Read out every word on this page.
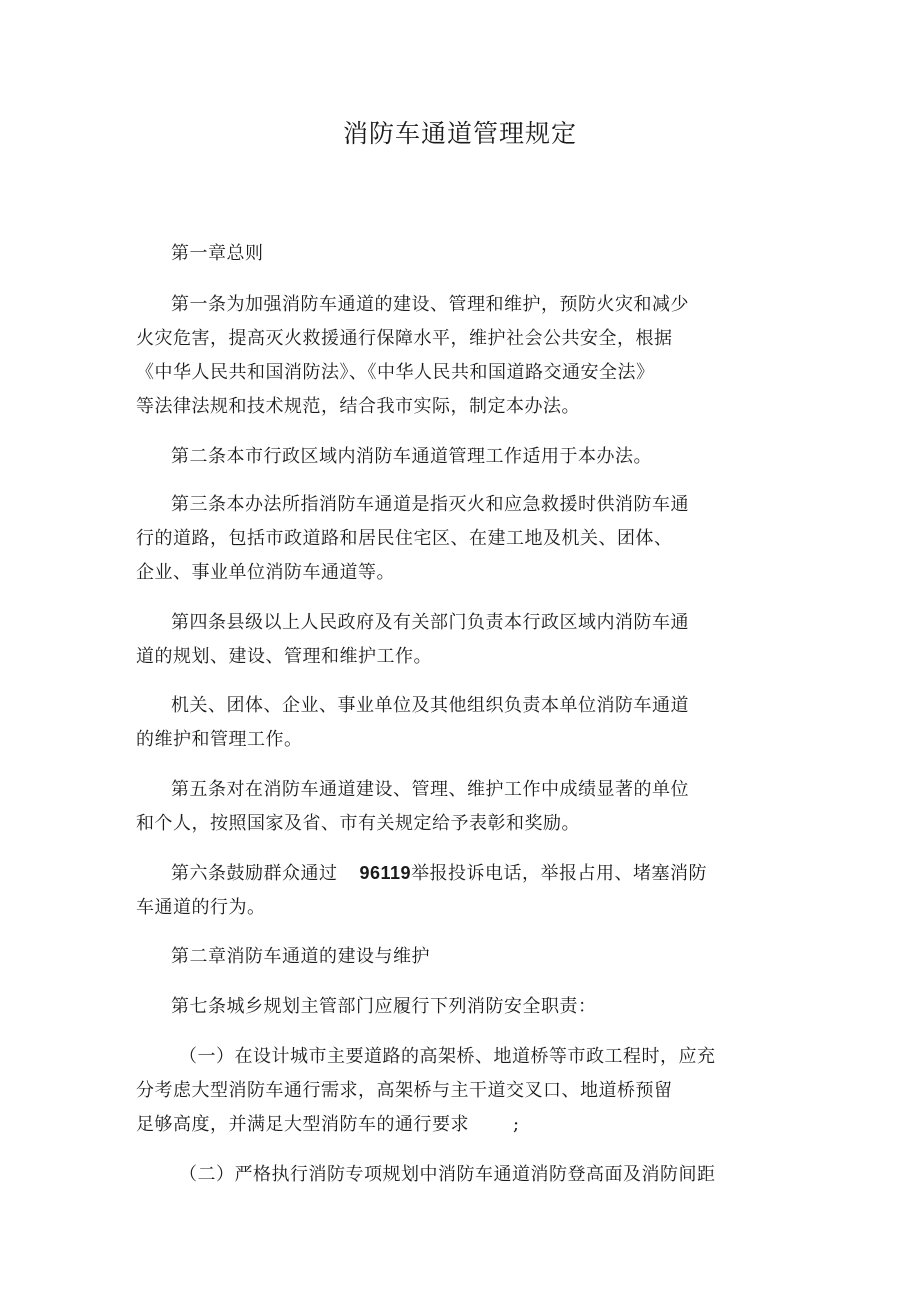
消防车通道管理规定

第一章总则

第一条为加强消防车通道的建设、管理和维护，预防火灾和减少
火灾危害，提高灭火救援通行保障水平，维护社会公共安全，根据
《中华人民共和国消防法》、《中华人民共和国道路交通安全法》
等法律法规和技术规范，结合我市实际，制定本办法。

第二条本市行政区域内消防车通道管理工作适用于本办法。

第三条本办法所指消防车通道是指灭火和应急救援时供消防车通
行的道路，包括市政道路和居民住宅区、在建工地及机关、团体、
企业、事业单位消防车通道等。

第四条县级以上人民政府及有关部门负责本行政区域内消防车通
道的规划、建设、管理和维护工作。

机关、团体、企业、事业单位及其他组织负责本单位消防车通道
的维护和管理工作。

第五条对在消防车通道建设、管理、维护工作中成绩显著的单位
和个人，按照国家及省、市有关规定给予表彰和奖励。

第六条鼓励群众通过 96119举报投诉电话，举报占用、堵塞消防
车通道的行为。

第二章消防车通道的建设与维护

第七条城乡规划主管部门应履行下列消防安全职责：

（一）在设计城市主要道路的高架桥、地道桥等市政工程时，应充
分考虑大型消防车通行需求，高架桥与主干道交叉口、地道桥预留
足够高度，并满足大型消防车的通行要求 ;

（二）严格执行消防专项规划中消防车通道消防登高面及消防间距
